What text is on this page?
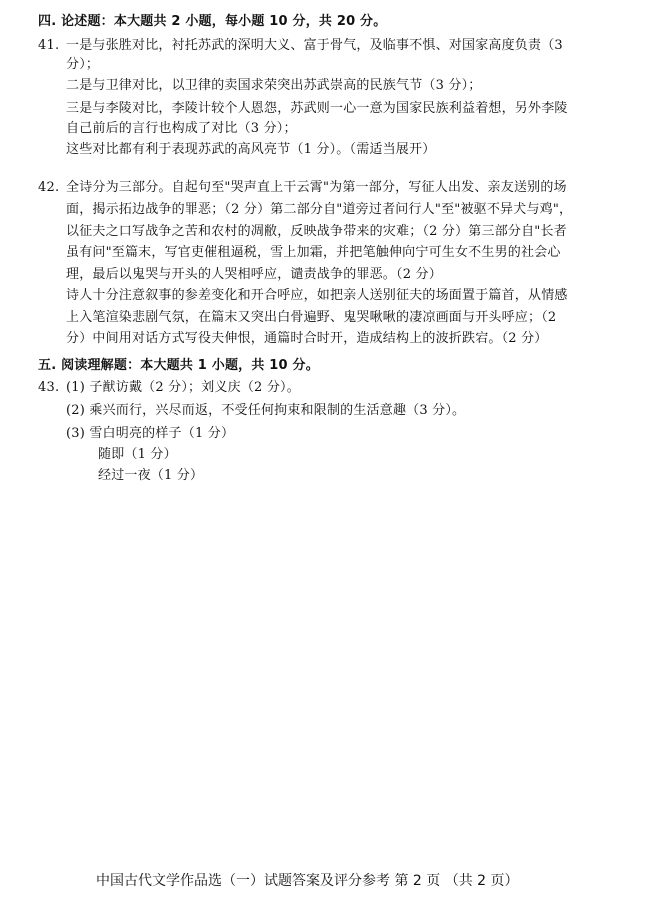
四. 论述题：本大题共 2 小题，每小题 10 分，共 20 分。
41. 一是与张胜对比，衬托苏武的深明大义、富于骨气，及临事不惧、对国家高度负责（3
分）；
二是与卫律对比，以卫律的卖国求荣突出苏武崇高的民族气节（3 分）；
三是与李陵对比，李陵计较个人恩怨，苏武则一心一意为国家民族利益着想，另外李陵
自己前后的言行也构成了对比（3 分）；
这些对比都有利于表现苏武的高风亮节（1 分）。（需适当展开）
42. 全诗分为三部分。自起句至"哭声直上干云霄"为第一部分，写征人出发、亲友送别的场
面，揭示拓边战争的罪恶；（2 分）第二部分自"道旁过者问行人"至"被驱不异犬与鸡"，
以征夫之口写战争之苦和农村的凋敝，反映战争带来的灾难；（2 分）第三部分自"长者
虽有问"至篇末，写官吏催租逼税，雪上加霜，并把笔触伸向宁可生女不生男的社会心
理，最后以鬼哭与开头的人哭相呼应，谴责战争的罪恶。（2 分）
诗人十分注意叙事的参差变化和开合呼应，如把亲人送别征夫的场面置于篇首，从情感
上入笔渲染悲剧气氛，在篇末又突出白骨遍野、鬼哭啾啾的凄凉画面与开头呼应；（2
分）中间用对话方式写役夫伸恨，通篇时合时开，造成结构上的波折跌宕。（2 分）
五. 阅读理解题：本大题共 1 小题，共 10 分。
43. (1) 子猷访戴（2 分）；刘义庆（2 分）。
(2) 乘兴而行，兴尽而返，不受任何拘束和限制的生活意趣（3 分）。
(3) 雪白明亮的样子（1 分）
随即（1 分）
经过一夜（1 分）
中国古代文学作品选（一）试题答案及评分参考 第 2 页 （共 2 页）
